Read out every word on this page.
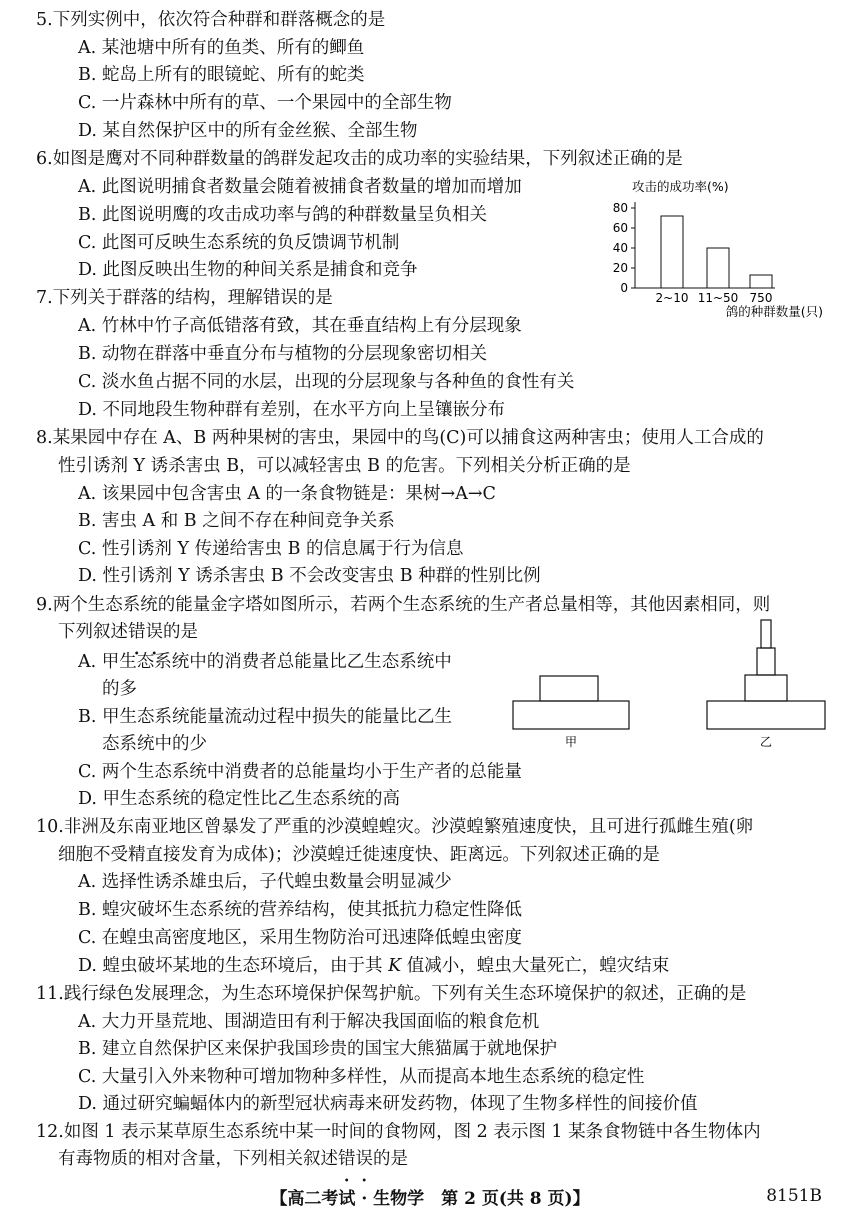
5.下列实例中，依次符合种群和群落概念的是
A. 某池塘中所有的鱼类、所有的鲫鱼
B. 蛇岛上所有的眼镜蛇、所有的蛇类
C. 一片森林中所有的草、一个果园中的全部生物
D. 某自然保护区中的所有金丝猴、全部生物
6.如图是鹰对不同种群数量的鸽群发起攻击的成功率的实验结果，下列叙述正确的是
A. 此图说明捕食者数量会随着被捕食者数量的增加而增加
B. 此图说明鹰的攻击成功率与鸽的种群数量呈负相关
C. 此图可反映生态系统的负反馈调节机制
D. 此图反映出生物的种间关系是捕食和竞争
攻击的成功率(%)
0
20
40
60
80
2~10 11~50 750
鸽的种群数量(只)
7.下列关于群落的结构，理解错误的是
A. 竹林中竹子高低错落有致，其在垂直结构上有分层现象
B. 动物在群落中垂直分布与植物的分层现象密切相关
C. 淡水鱼占据不同的水层，出现的分层现象与各种鱼的食性有关
D. 不同地段生物种群有差别，在水平方向上呈镶嵌分布
8.某果园中存在 A、B 两种果树的害虫，果园中的鸟(C)可以捕食这两种害虫；使用人工合成的
性引诱剂 Y 诱杀害虫 B，可以减轻害虫 B 的危害。下列相关分析正确的是
A. 该果园中包含害虫 A 的一条食物链是：果树→A→C
B. 害虫 A 和 B 之间不存在种间竞争关系
C. 性引诱剂 Y 传递给害虫 B 的信息属于行为信息
D. 性引诱剂 Y 诱杀害虫 B 不会改变害虫 B 种群的性别比例
9.两个生态系统的能量金字塔如图所示，若两个生态系统的生产者总量相等，其他因素相同，则
下列叙述错误的是
A. 甲生态系统中的消费者总能量比乙生态系统中
的多
B. 甲生态系统能量流动过程中损失的能量比乙生
态系统中的少
C. 两个生态系统中消费者的总能量均小于生产者的总能量
D. 甲生态系统的稳定性比乙生态系统的高
甲	乙
10.非洲及东南亚地区曾暴发了严重的沙漠蝗蝗灾。沙漠蝗繁殖速度快，且可进行孤雌生殖(卵
细胞不受精直接发育为成体)；沙漠蝗迁徙速度快、距离远。下列叙述正确的是
A. 选择性诱杀雄虫后，子代蝗虫数量会明显减少
B. 蝗灾破坏生态系统的营养结构，使其抵抗力稳定性降低
C. 在蝗虫高密度地区，采用生物防治可迅速降低蝗虫密度
D. 蝗虫破坏某地的生态环境后，由于其 K 值减小，蝗虫大量死亡，蝗灾结束
11.践行绿色发展理念，为生态环境保护保驾护航。下列有关生态环境保护的叙述，正确的是
A. 大力开垦荒地、围湖造田有利于解决我国面临的粮食危机
B. 建立自然保护区来保护我国珍贵的国宝大熊猫属于就地保护
C. 大量引入外来物种可增加物种多样性，从而提高本地生态系统的稳定性
D. 通过研究蝙蝠体内的新型冠状病毒来研发药物，体现了生物多样性的间接价值
12.如图 1 表示某草原生态系统中某一时间的食物网，图 2 表示图 1 某条食物链中各生物体内
有毒物质的相对含量，下列相关叙述错误的是
【高二考试 · 生物学　第 2 页(共 8 页)】	8151B
